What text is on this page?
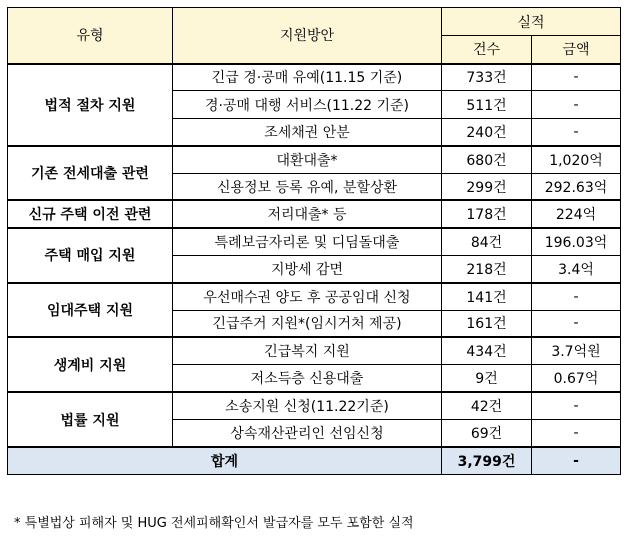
유형	지원방안	실적	
		건수	금액
법적 절차 지원	긴급 경·공매 유예(11.15 기준)	733건	-
	경·공매 대행 서비스(11.22 기준)	511건	-
	조세채권 안분	240건	-
기존 전세대출 관련	대환대출*	680건	1,020억
	신용정보 등록 유예, 분할상환	299건	292.63억
신규 주택 이전 관련	저리대출* 등	178건	224억
주택 매입 지원	특례보금자리론 및 디딤돌대출	84건	196.03억
	지방세 감면	218건	3.4억
임대주택 지원	우선매수권 양도 후 공공임대 신청	141건	-
	긴급주거 지원*(임시거처 제공)	161건	-
생계비 지원	긴급복지 지원	434건	3.7억원
	저소득층 신용대출	9건	0.67억
법률 지원	소송지원 신청(11.22기준)	42건	-
	상속재산관리인 선임신청	69건	-
합계		3,799건	-
* 특별법상 피해자 및 HUG 전세피해확인서 발급자를 모두 포함한 실적
